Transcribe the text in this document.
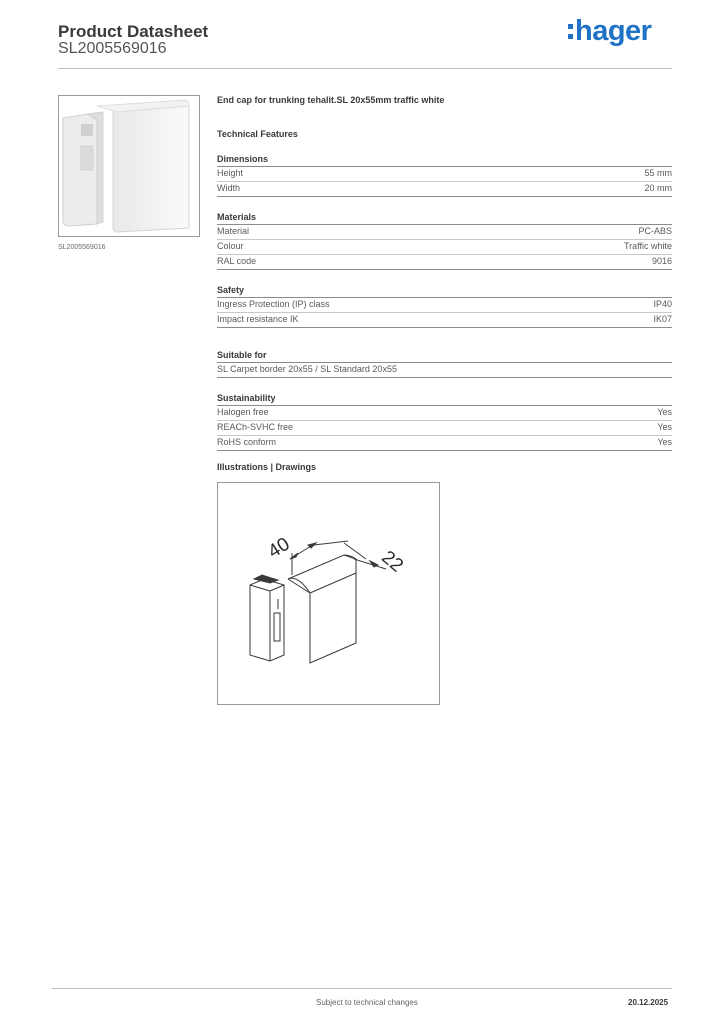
Product Datasheet
SL2005569016
hager
SL2005569016
End cap for trunking tehalit.SL 20x55mm traffic white
Technical Features
Dimensions
Height	55 mm
Width	20 mm
Materials
Material	PC-ABS
Colour	Traffic white
RAL code	9016
Safety
Ingress Protection (IP) class	IP40
Impact resistance IK	IK07
Suitable for
SL Carpet border 20x55 / SL Standard 20x55
Sustainability
Halogen free	Yes
REACh-SVHC free	Yes
RoHS conform	Yes
Illustrations | Drawings
40	22
Subject to technical changes	20.12.2025
